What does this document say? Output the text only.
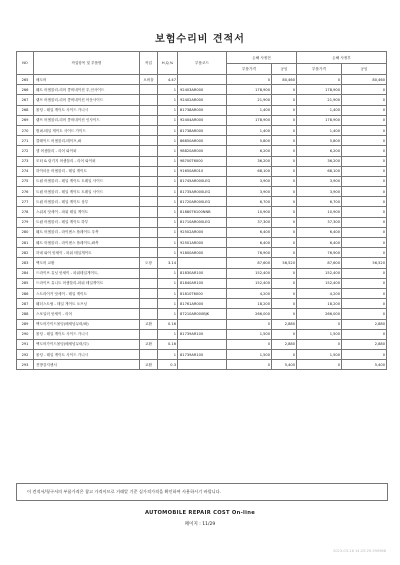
보험수리비 견적서
NO	작업항목 및 부품명	작업	H,Q,%	부품코드	손해 사정전		손해 사정후	
					부품가격	공임	부품가격	공임
265	배도어	오버홀	4.47		0	80,460	0	80,460
266	웨트 어셈블리-리어 콤비네이션 우,인사이드		1	92403AR000	178,900	0	178,900	0
267	램프 어셈블리-리어 콤비네이션 아웃사이드		1	92402AR000	21,900	0	21,900	0
268	몰딩 - 테일 게이트 사이드 가니시		1	81738AR000	1,400	0	1,400	0
269	램프 어셈블리-리어 콤비네이션 인사이드		1	92404AR000	178,900	0	178,900	0
270	범퍼-테일 게이트 사이드 가이드		1	81738AR000	1,400	0	1,400	0
271	클레이드 어셈블리-테이프,좌		1	86850AR000	5,800	0	5,800	0
272	앱 어셈블리 - 리어 와이퍼		1	98820AR000	6,200	0	6,200	0
273	모터 & 링키지 어셈블리 - 리어 와이퍼		1	98700T6000	36,200	0	36,200	0
274	하이마운 어셈블리 - 테일 게이트		1	91650AR010	68,100	0	68,100	0
275	트림 어셈블리 - 테일 게이트 트레일 사이드		1	81745AR000LEG	3,900	0	3,900	0
276	트림 어셈블리 - 테일 게이트 트레일 사이드		1	81735AR000LEG	3,900	0	3,900	0
277	트림 어셈블리 - 테일 게이트 상부		1	81720AR000LEG	6,700	0	6,700	0
278	스위치 앗세이 - 파워 테일 게이트		1	81880T6100NNB	10,900	0	10,900	0
279	트림 어셈블리 - 테일 게이트 하부		1	81710AR000LEG	37,300	0	37,300	0
280	웨트 어셈블리 - 라이센스 플레이트 우측		1	92502AR000	6,400	0	6,400	0
281	웨트 어셈블리 - 라이센스 플레이트,좌측		1	92501AR000	6,400	0	6,400	0
282	하네 와이 앗세이 - 파워 테일게이트		1	91800AR000	76,900	0	76,900	0
283	백도어 교환	도장	3.14		87,600	56,520	87,600	56,520
284	드라이브 유닛 앗세이 - 파워테일게이트,		1	81830AR100	152,400	0	152,400	0
285	드라이브 유니트 어셈블리-파워 테일게이트		1	81840AR100	152,400	0	152,400	0
286	스트라이커 앗세이 - 테일 게이트		1	81810T6000	4,200	0	4,200	0
287	웨더스트립 - 테일 게이트 오프닝		1	81761AR000	18,200	0	18,200	0
288	스포일러 앗세이 - 리어		1	87210AR000BJK	266,000	0	266,000	0
289	백도어가이드몰딩(베세넘무락/좌)	교환	0.16		0	2,880	0	2,880
290	몰딩 - 테일 게이트 사이드 가니시		1	81739AR100	1,500	0	1,500	0
291	백도어가이드몰딩(베세넘무락/우)	교환	0.16		0	2,880	0	2,880
292	몰딩 - 테일 게이트 사이드 가니시		1	81739AR100	1,500	0	1,500	0
293	전방감지센서	교환	0.3		0	5,400	0	5,400
이 견적서/청구서의 부품가격은 참고 가격이므로 거래알 기준 실가격가격을 확인하여 사용하시기 바랍니다.
AUTOMOBILE REPAIR COST On-line
페이지 : 11/29
2023-03-16 14:25:29.390988
